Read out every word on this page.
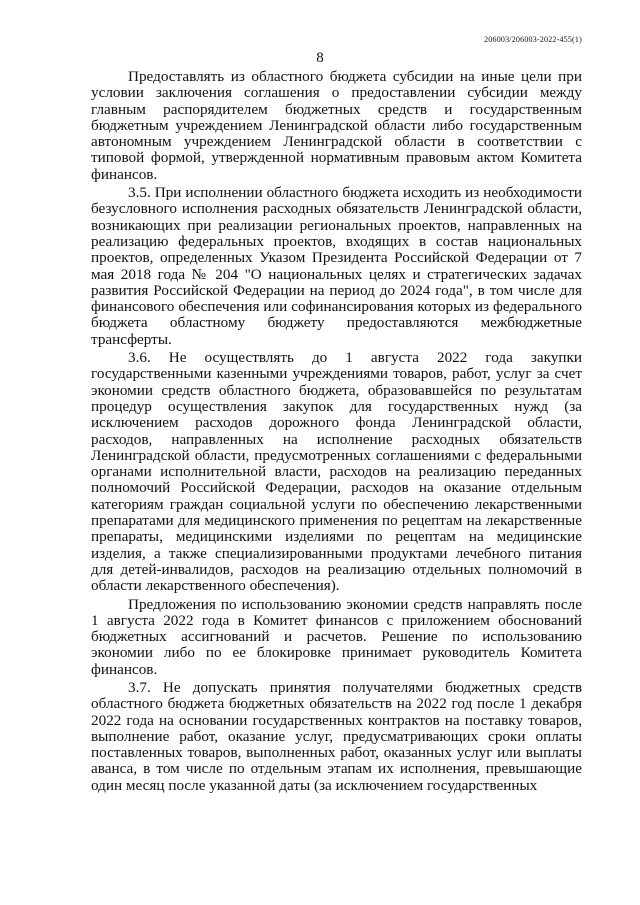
206003/206003-2022-455(1)
8

Предоставлять из областного бюджета субсидии на иные цели при условии заключения соглашения о предоставлении субсидии между главным распорядителем бюджетных средств и государственным бюджетным учреждением Ленинградской области либо государственным автономным учреждением Ленинградской области в соответствии с типовой формой, утвержденной нормативным правовым актом Комитета финансов.

3.5. При исполнении областного бюджета исходить из необходимости безусловного исполнения расходных обязательств Ленинградской области, возникающих при реализации региональных проектов, направленных на реализацию федеральных проектов, входящих в состав национальных проектов, определенных Указом Президента Российской Федерации от 7 мая 2018 года № 204 "О национальных целях и стратегических задачах развития Российской Федерации на период до 2024 года", в том числе для финансового обеспечения или софинансирования которых из федерального бюджета областному бюджету предоставляются межбюджетные трансферты.

3.6. Не осуществлять до 1 августа 2022 года закупки государственными казенными учреждениями товаров, работ, услуг за счет экономии средств областного бюджета, образовавшейся по результатам процедур осуществления закупок для государственных нужд (за исключением расходов дорожного фонда Ленинградской области, расходов, направленных на исполнение расходных обязательств Ленинградской области, предусмотренных соглашениями с федеральными органами исполнительной власти, расходов на реализацию переданных полномочий Российской Федерации, расходов на оказание отдельным категориям граждан социальной услуги по обеспечению лекарственными препаратами для медицинского применения по рецептам на лекарственные препараты, медицинскими изделиями по рецептам на медицинские изделия, а также специализированными продуктами лечебного питания для детей-инвалидов, расходов на реализацию отдельных полномочий в области лекарственного обеспечения).

Предложения по использованию экономии средств направлять после 1 августа 2022 года в Комитет финансов с приложением обоснований бюджетных ассигнований и расчетов. Решение по использованию экономии либо по ее блокировке принимает руководитель Комитета финансов.

3.7. Не допускать принятия получателями бюджетных средств областного бюджета бюджетных обязательств на 2022 год после 1 декабря 2022 года на основании государственных контрактов на поставку товаров, выполнение работ, оказание услуг, предусматривающих сроки оплаты поставленных товаров, выполненных работ, оказанных услуг или выплаты аванса, в том числе по отдельным этапам их исполнения, превышающие один месяц после указанной даты (за исключением государственных
